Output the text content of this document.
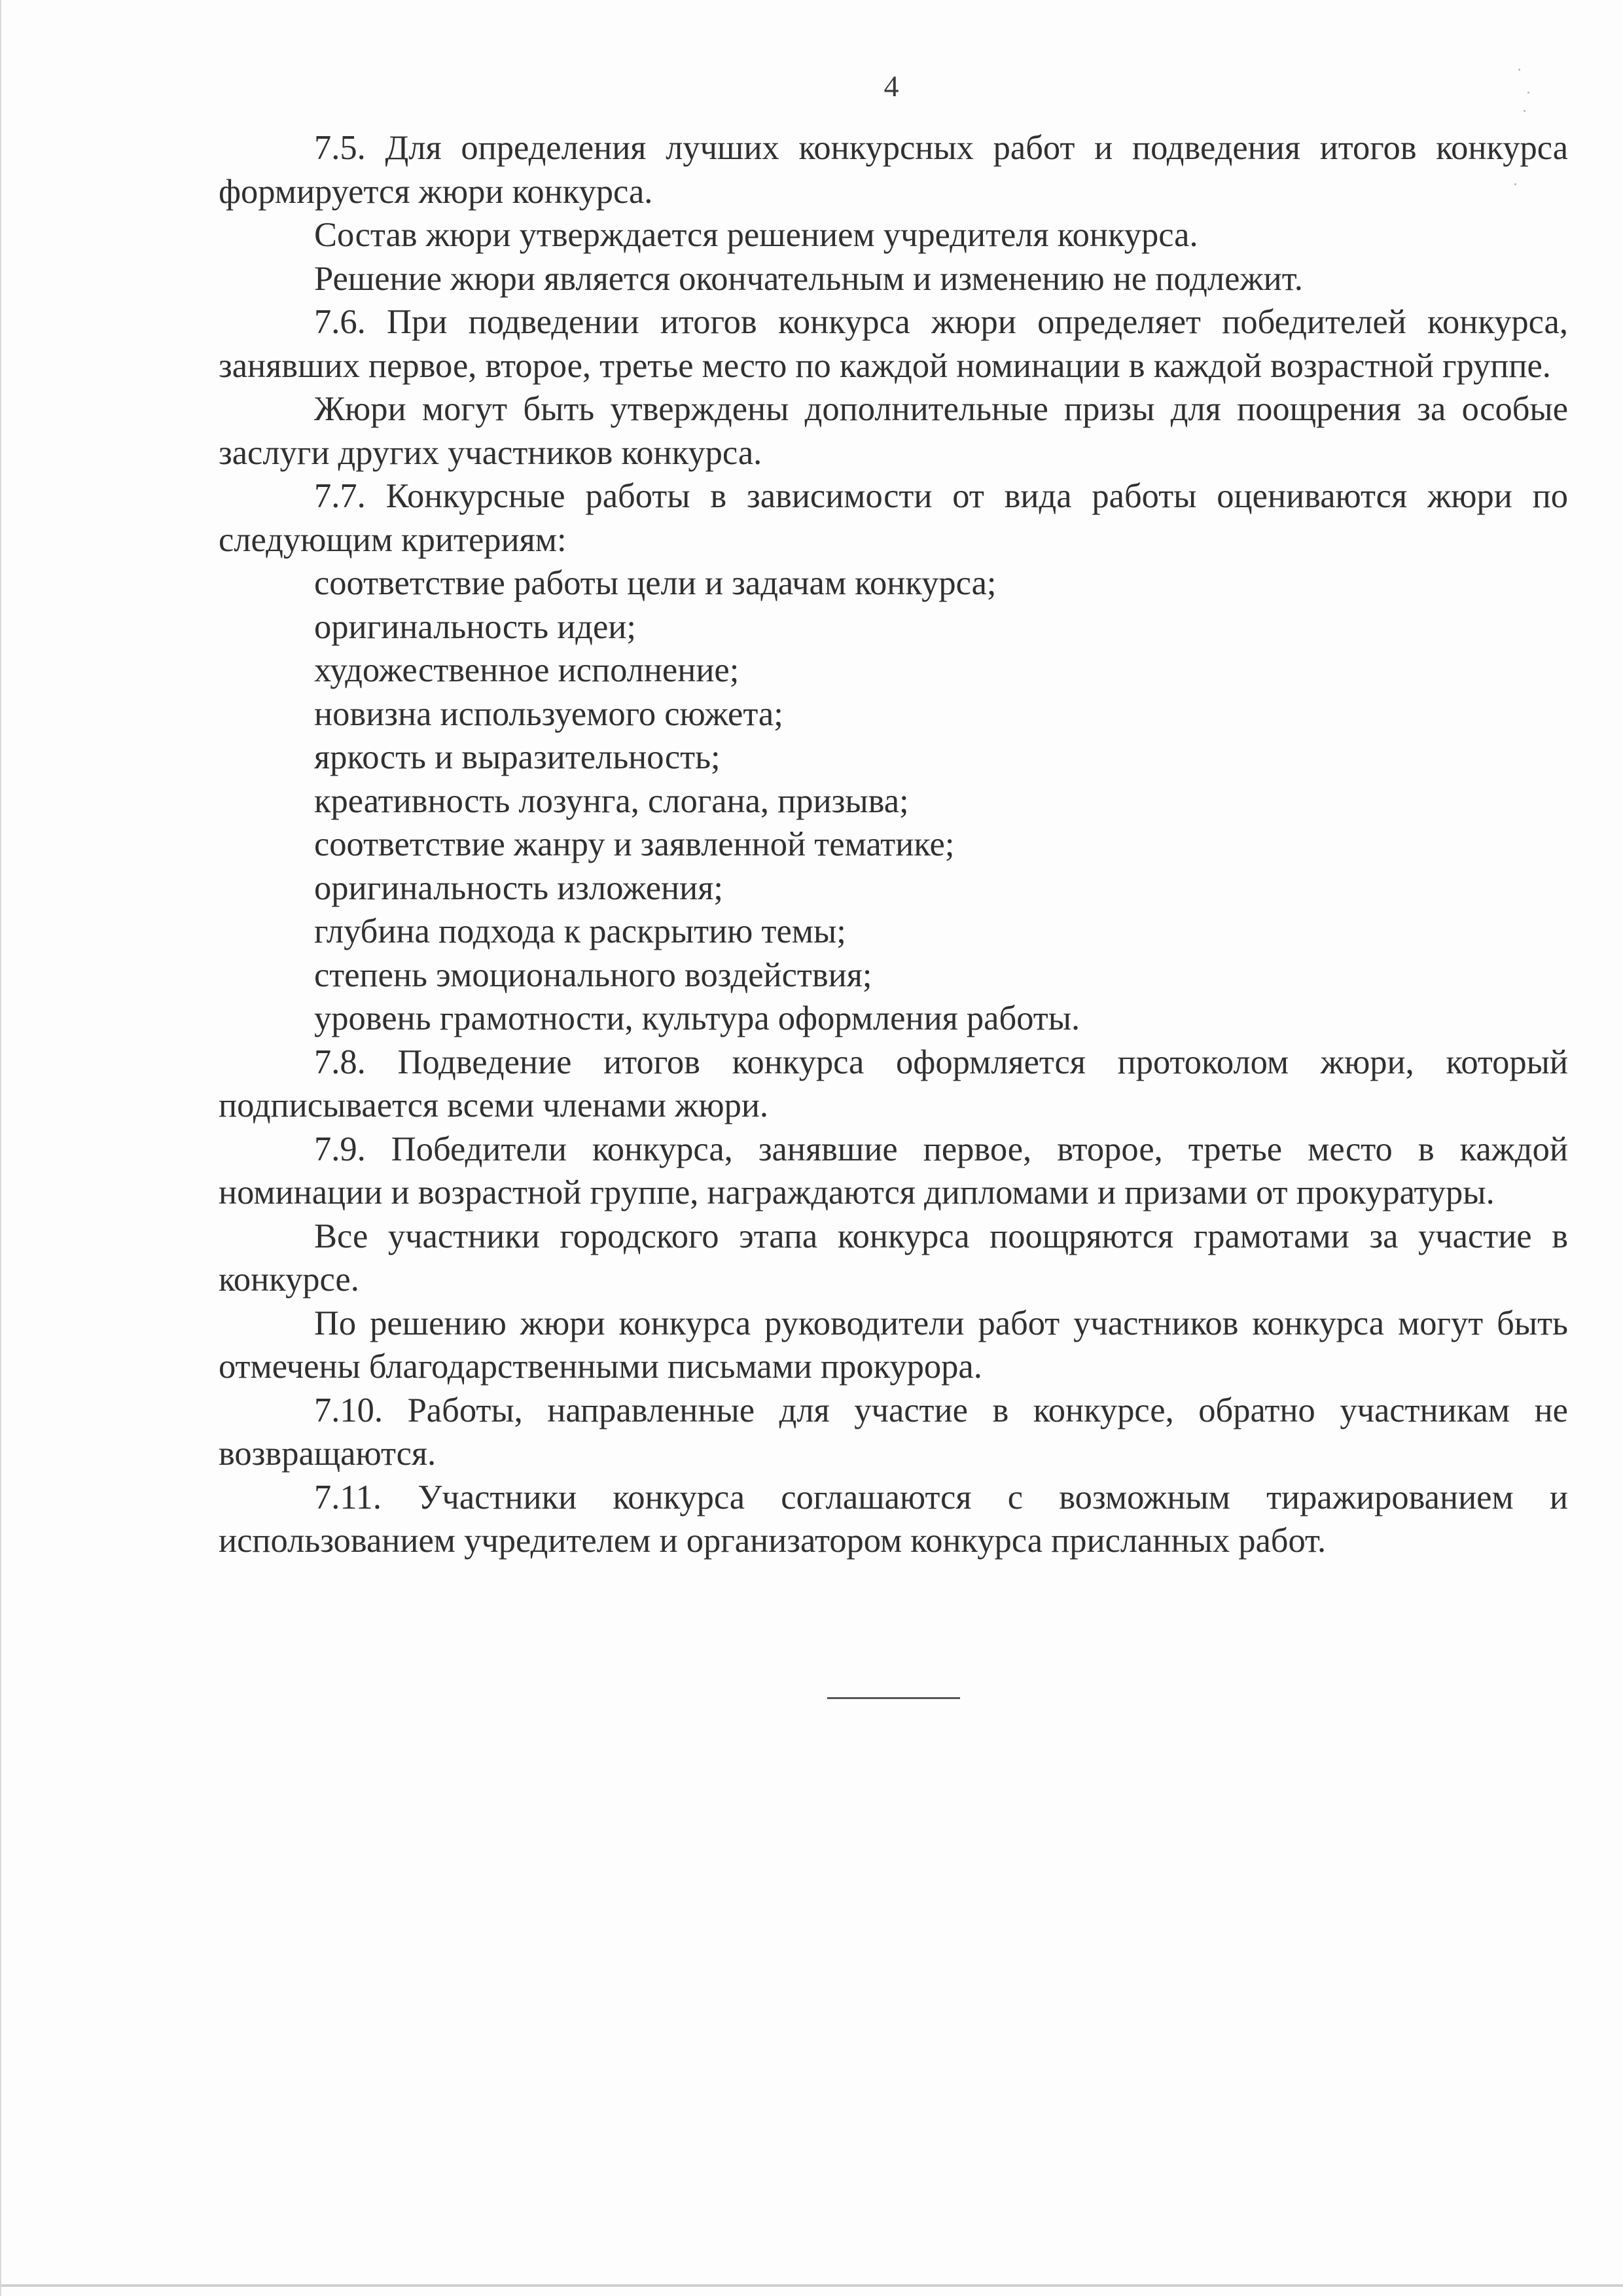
4

7.5. Для определения лучших конкурсных работ и подведения итогов конкурса формируется жюри конкурса.

Состав жюри утверждается решением учредителя конкурса.

Решение жюри является окончательным и изменению не подлежит.

7.6. При подведении итогов конкурса жюри определяет победителей конкурса, занявших первое, второе, третье место по каждой номинации в каждой возрастной группе.

Жюри могут быть утверждены дополнительные призы для поощрения за особые заслуги других участников конкурса.

7.7. Конкурсные работы в зависимости от вида работы оцениваются жюри по следующим критериям:

соответствие работы цели и задачам конкурса;
оригинальность идеи;
художественное исполнение;
новизна используемого сюжета;
яркость и выразительность;
креативность лозунга, слогана, призыва;
соответствие жанру и заявленной тематике;
оригинальность изложения;
глубина подхода к раскрытию темы;
степень эмоционального воздействия;
уровень грамотности, культура оформления работы.

7.8. Подведение итогов конкурса оформляется протоколом жюри, который подписывается всеми членами жюри.

7.9. Победители конкурса, занявшие первое, второе, третье место в каждой номинации и возрастной группе, награждаются дипломами и призами от прокуратуры.

Все участники городского этапа конкурса поощряются грамотами за участие в конкурсе.

По решению жюри конкурса руководители работ участников конкурса могут быть отмечены благодарственными письмами прокурора.

7.10. Работы, направленные для участие в конкурсе, обратно участникам не возвращаются.

7.11. Участники конкурса соглашаются с возможным тиражированием и использованием учредителем и организатором конкурса присланных работ.
